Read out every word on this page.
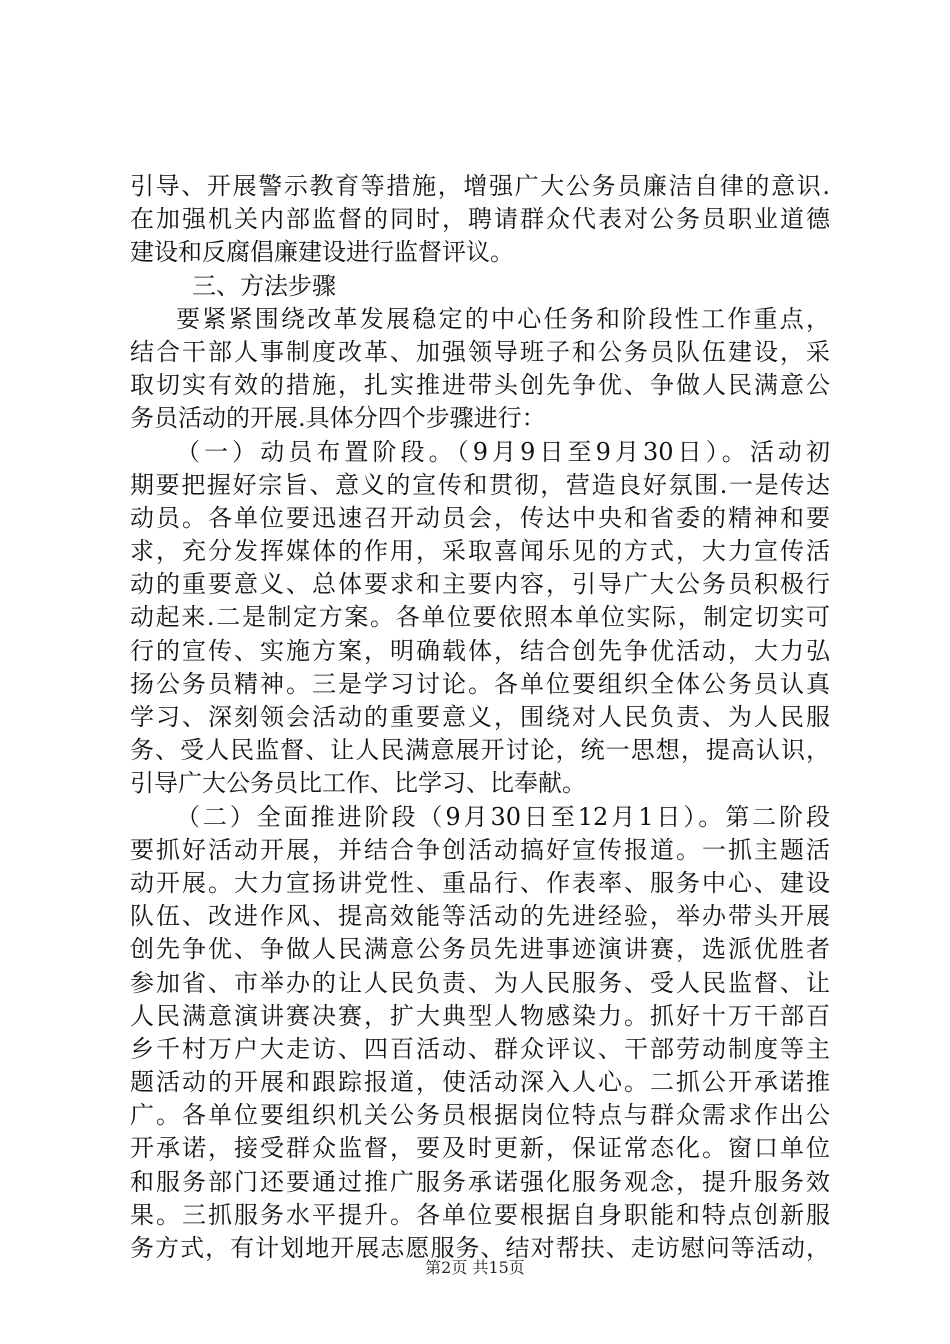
引导、开展警示教育等措施，增强广大公务员廉洁自律的意识.
在加强机关内部监督的同时，聘请群众代表对公务员职业道德
建设和反腐倡廉建设进行监督评议。
三、方法步骤
要紧紧围绕改革发展稳定的中心任务和阶段性工作重点，
结合干部人事制度改革、加强领导班子和公务员队伍建设，采
取切实有效的措施，扎实推进带头创先争优、争做人民满意公
务员活动的开展.具体分四个步骤进行：
（一）动员布置阶段。（9月9日至9月30日）。活动初
期要把握好宗旨、意义的宣传和贯彻，营造良好氛围.一是传达
动员。各单位要迅速召开动员会，传达中央和省委的精神和要
求，充分发挥媒体的作用，采取喜闻乐见的方式，大力宣传活
动的重要意义、总体要求和主要内容，引导广大公务员积极行
动起来.二是制定方案。各单位要依照本单位实际，制定切实可
行的宣传、实施方案，明确载体，结合创先争优活动，大力弘
扬公务员精神。三是学习讨论。各单位要组织全体公务员认真
学习、深刻领会活动的重要意义，围绕对人民负责、为人民服
务、受人民监督、让人民满意展开讨论，统一思想，提高认识，
引导广大公务员比工作、比学习、比奉献。
（二）全面推进阶段（9月30日至12月1日）。第二阶段
要抓好活动开展，并结合争创活动搞好宣传报道。一抓主题活
动开展。大力宣扬讲党性、重品行、作表率、服务中心、建设
队伍、改进作风、提高效能等活动的先进经验，举办带头开展
创先争优、争做人民满意公务员先进事迹演讲赛，选派优胜者
参加省、市举办的让人民负责、为人民服务、受人民监督、让
人民满意演讲赛决赛，扩大典型人物感染力。抓好十万干部百
乡千村万户大走访、四百活动、群众评议、干部劳动制度等主
题活动的开展和跟踪报道，使活动深入人心。二抓公开承诺推
广。各单位要组织机关公务员根据岗位特点与群众需求作出公
开承诺，接受群众监督，要及时更新，保证常态化。窗口单位
和服务部门还要通过推广服务承诺强化服务观念，提升服务效
果。三抓服务水平提升。各单位要根据自身职能和特点创新服
务方式，有计划地开展志愿服务、结对帮扶、走访慰问等活动，
第2页 共15页
